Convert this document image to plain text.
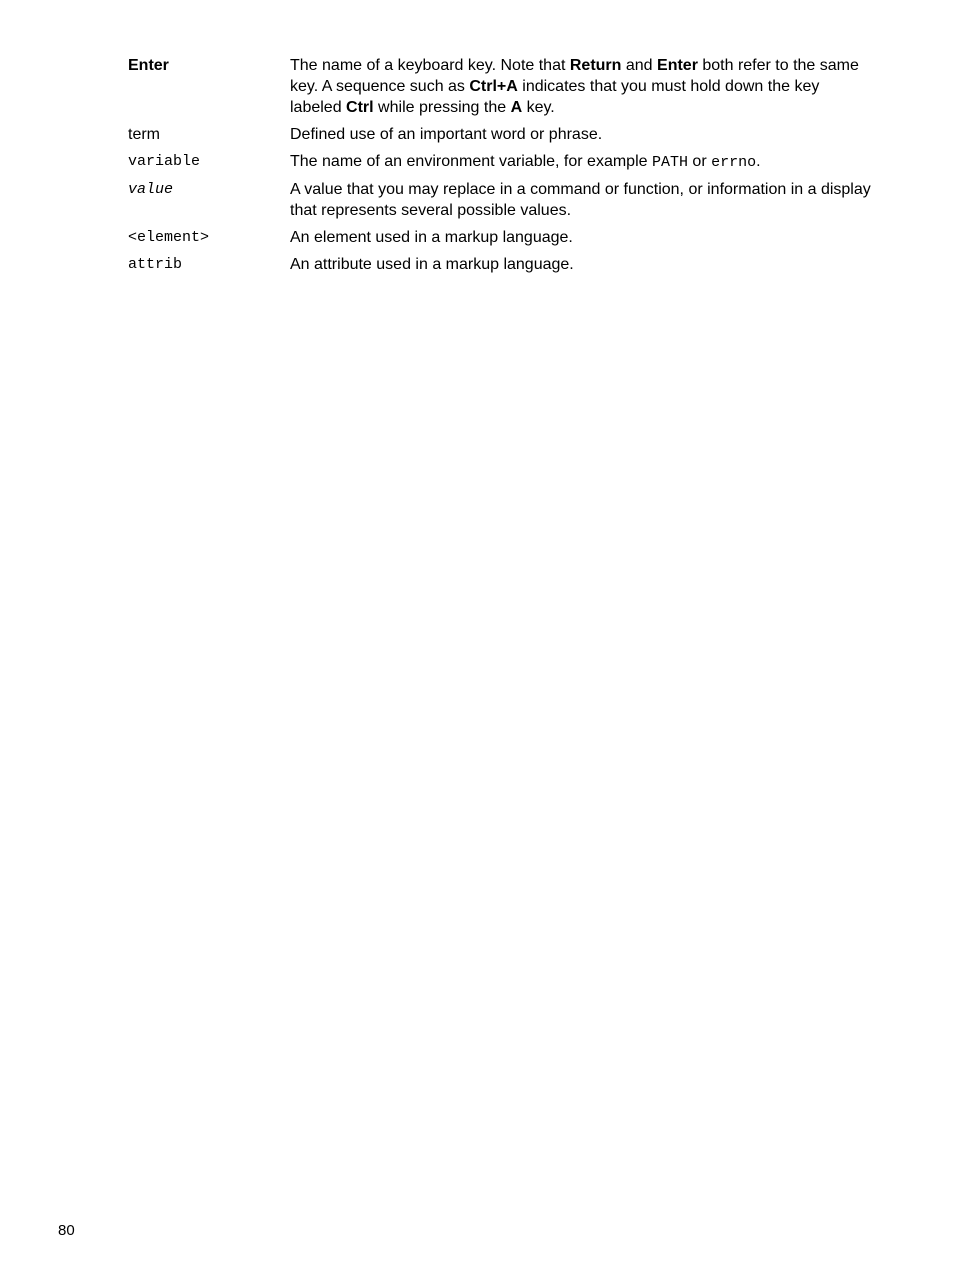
Enter	The name of a keyboard key. Note that Return and Enter both refer to the same key. A sequence such as Ctrl+A indicates that you must hold down the key labeled Ctrl while pressing the A key.
term	Defined use of an important word or phrase.
variable	The name of an environment variable, for example PATH or errno.
value	A value that you may replace in a command or function, or information in a display that represents several possible values.
<element>	An element used in a markup language.
attrib	An attribute used in a markup language.
80
